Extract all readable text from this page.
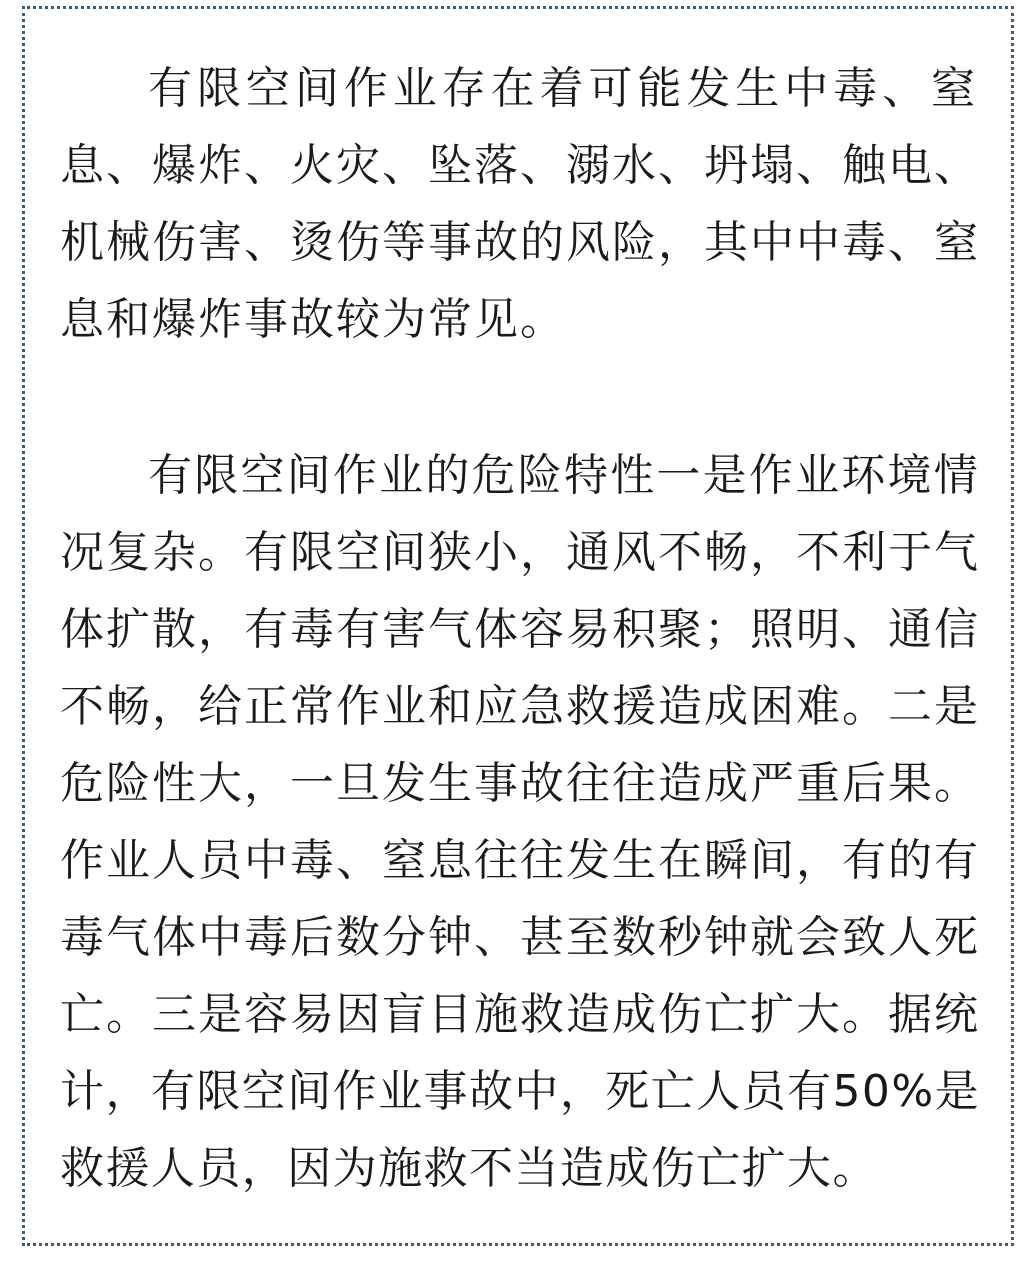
有限空间作业存在着可能发生中毒、窒
息、爆炸、火灾、坠落、溺水、坍塌、触电、
机械伤害、烫伤等事故的风险，其中中毒、窒
息和爆炸事故较为常见。
有限空间作业的危险特性一是作业环境情
况复杂。有限空间狭小，通风不畅，不利于气
体扩散，有毒有害气体容易积聚；照明、通信
不畅，给正常作业和应急救援造成困难。二是
危险性大，一旦发生事故往往造成严重后果。
作业人员中毒、窒息往往发生在瞬间，有的有
毒气体中毒后数分钟、甚至数秒钟就会致人死
亡。三是容易因盲目施救造成伤亡扩大。据统
计，有限空间作业事故中，死亡人员有50%是
救援人员，因为施救不当造成伤亡扩大。
